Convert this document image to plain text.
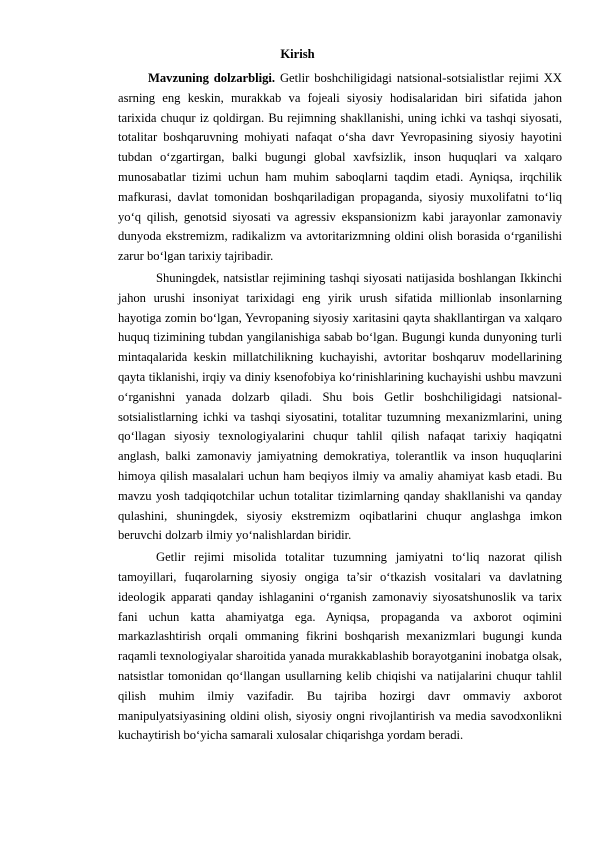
Kirish

Mavzuning dolzarbligi. Getlir boshchiligidagi natsional-sotsialistlar rejimi XX asrning eng keskin, murakkab va fojeali siyosiy hodisalaridan biri sifatida jahon tarixida chuqur iz qoldirgan. Bu rejimning shakllanishi, uning ichki va tashqi siyosati, totalitar boshqaruvning mohiyati nafaqat o‘sha davr Yevropasining siyosiy hayotini tubdan o‘zgartirgan, balki bugungi global xavfsizlik, inson huquqlari va xalqaro munosabatlar tizimi uchun ham muhim saboqlarni taqdim etadi. Ayniqsa, irqchilik mafkurasi, davlat tomonidan boshqariladigan propaganda, siyosiy muxolifatni to‘liq yo‘q qilish, genotsid siyosati va agressiv ekspansionizm kabi jarayonlar zamonaviy dunyoda ekstremizm, radikalizm va avtoritarizmning oldini olish borasida o‘rganilishi zarur bo‘lgan tarixiy tajribadir.

Shuningdek, natsistlar rejimining tashqi siyosati natijasida boshlangan Ikkinchi jahon urushi insoniyat tarixidagi eng yirik urush sifatida millionlab insonlarning hayotiga zomin bo‘lgan, Yevropaning siyosiy xaritasini qayta shakllantirgan va xalqaro huquq tizimining tubdan yangilanishiga sabab bo‘lgan. Bugungi kunda dunyoning turli mintaqalarida keskin millatchilikning kuchayishi, avtoritar boshqaruv modellarining qayta tiklanishi, irqiy va diniy ksenofobiya ko‘rinishlarining kuchayishi ushbu mavzuni o‘rganishni yanada dolzarb qiladi. Shu bois Getlir boshchiligidagi natsional-sotsialistlarning ichki va tashqi siyosatini, totalitar tuzumning mexanizmlarini, uning qo‘llagan siyosiy texnologiyalarini chuqur tahlil qilish nafaqat tarixiy haqiqatni anglash, balki zamonaviy jamiyatning demokratiya, tolerantlik va inson huquqlarini himoya qilish masalalari uchun ham beqiyos ilmiy va amaliy ahamiyat kasb etadi. Bu mavzu yosh tadqiqotchilar uchun totalitar tizimlarning qanday shakllanishi va qanday qulashini, shuningdek, siyosiy ekstremizm oqibatlarini chuqur anglashga imkon beruvchi dolzarb ilmiy yo‘nalishlardan biridir.

Getlir rejimi misolida totalitar tuzumning jamiyatni to‘liq nazorat qilish tamoyillari, fuqarolarning siyosiy ongiga ta’sir o‘tkazish vositalari va davlatning ideologik apparati qanday ishlaganini o‘rganish zamonaviy siyosatshunoslik va tarix fani uchun katta ahamiyatga ega. Ayniqsa, propaganda va axborot oqimini markazlashtirish orqali ommaning fikrini boshqarish mexanizmlari bugungi kunda raqamli texnologiyalar sharoitida yanada murakkablashib borayotganini inobatga olsak, natsistlar tomonidan qo‘llangan usullarning kelib chiqishi va natijalarini chuqur tahlil qilish muhim ilmiy vazifadir. Bu tajriba hozirgi davr ommaviy axborot manipulyatsiyasining oldini olish, siyosiy ongni rivojlantirish va media savodxonlikni kuchaytirish bo‘yicha samarali xulosalar chiqarishga yordam beradi.
